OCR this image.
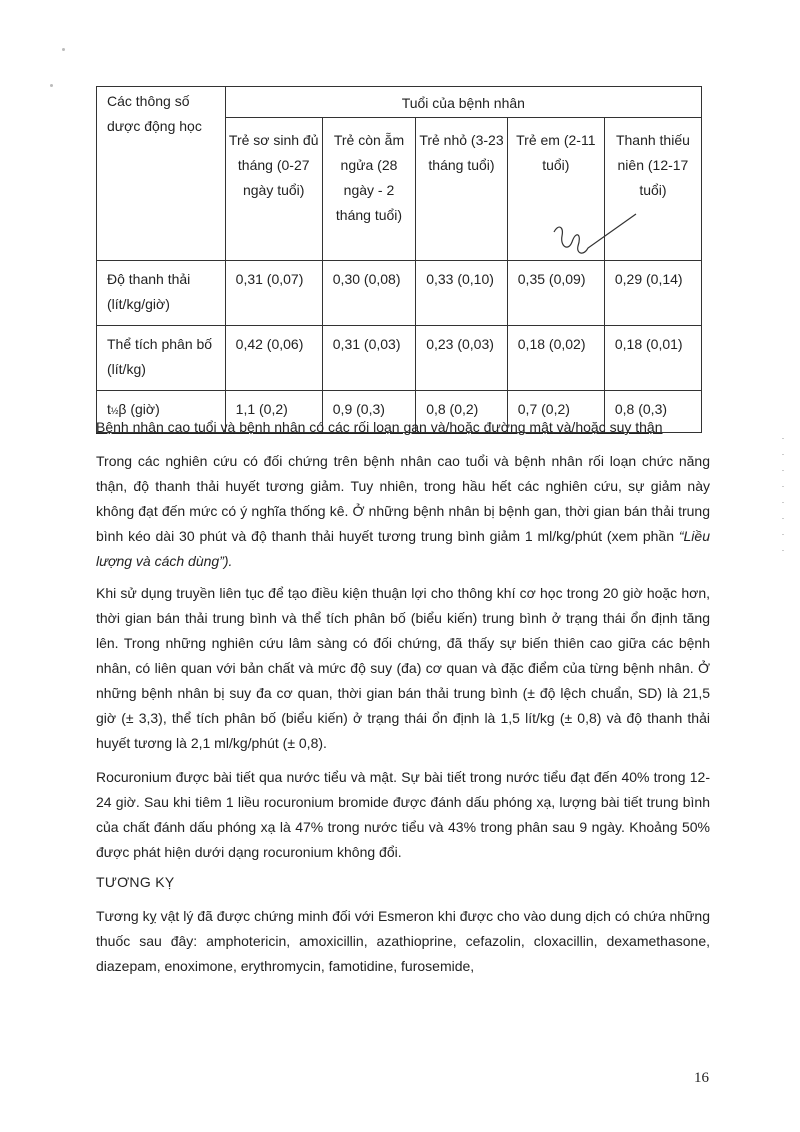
Các thông số dược động học	Tuổi của bệnh nhân				
	Trẻ sơ sinh đủ tháng (0-27 ngày tuổi)	Trẻ còn ẵm ngửa (28 ngày - 2 tháng tuổi)	Trẻ nhỏ (3-23 tháng tuổi)	Trẻ em (2-11 tuổi)	Thanh thiếu niên (12-17 tuổi)
Độ thanh thải (lít/kg/giờ)	0,31 (0,07)	0,30 (0,08)	0,33 (0,10)	0,35 (0,09)	0,29 (0,14)
Thể tích phân bố (lít/kg)	0,42 (0,06)	0,31 (0,03)	0,23 (0,03)	0,18 (0,02)	0,18 (0,01)
t½β (giờ)	1,1 (0,2)	0,9 (0,3)	0,8 (0,2)	0,7 (0,2)	0,8 (0,3)
Bệnh nhân cao tuổi và bệnh nhân có các rối loạn gan và/hoặc đường mật và/hoặc suy thận
Trong các nghiên cứu có đối chứng trên bệnh nhân cao tuổi và bệnh nhân rối loạn chức năng thận, độ thanh thải huyết tương giảm. Tuy nhiên, trong hầu hết các nghiên cứu, sự giảm này không đạt đến mức có ý nghĩa thống kê. Ở những bệnh nhân bị bệnh gan, thời gian bán thải trung bình kéo dài 30 phút và độ thanh thải huyết tương trung bình giảm 1 ml/kg/phút (xem phần “Liều lượng và cách dùng”).
Khi sử dụng truyền liên tục để tạo điều kiện thuận lợi cho thông khí cơ học trong 20 giờ hoặc hơn, thời gian bán thải trung bình và thể tích phân bố (biểu kiến) trung bình ở trạng thái ổn định tăng lên. Trong những nghiên cứu lâm sàng có đối chứng, đã thấy sự biến thiên cao giữa các bệnh nhân, có liên quan với bản chất và mức độ suy (đa) cơ quan và đặc điểm của từng bệnh nhân. Ở những bệnh nhân bị suy đa cơ quan, thời gian bán thải trung bình (± độ lệch chuẩn, SD) là 21,5 giờ (± 3,3), thể tích phân bố (biểu kiến) ở trạng thái ổn định là 1,5 lít/kg (± 0,8) và độ thanh thải huyết tương là 2,1 ml/kg/phút (± 0,8).
Rocuronium được bài tiết qua nước tiểu và mật. Sự bài tiết trong nước tiểu đạt đến 40% trong 12-24 giờ. Sau khi tiêm 1 liều rocuronium bromide được đánh dấu phóng xạ, lượng bài tiết trung bình của chất đánh dấu phóng xạ là 47% trong nước tiểu và 43% trong phân sau 9 ngày. Khoảng 50% được phát hiện dưới dạng rocuronium không đổi.
TƯƠNG KỴ
Tương kỵ vật lý đã được chứng minh đối với Esmeron khi được cho vào dung dịch có chứa những thuốc sau đây: amphotericin, amoxicillin, azathioprine, cefazolin, cloxacillin, dexamethasone, diazepam, enoximone, erythromycin, famotidine, furosemide,
16
·
·
·
·
·
·
·
·
